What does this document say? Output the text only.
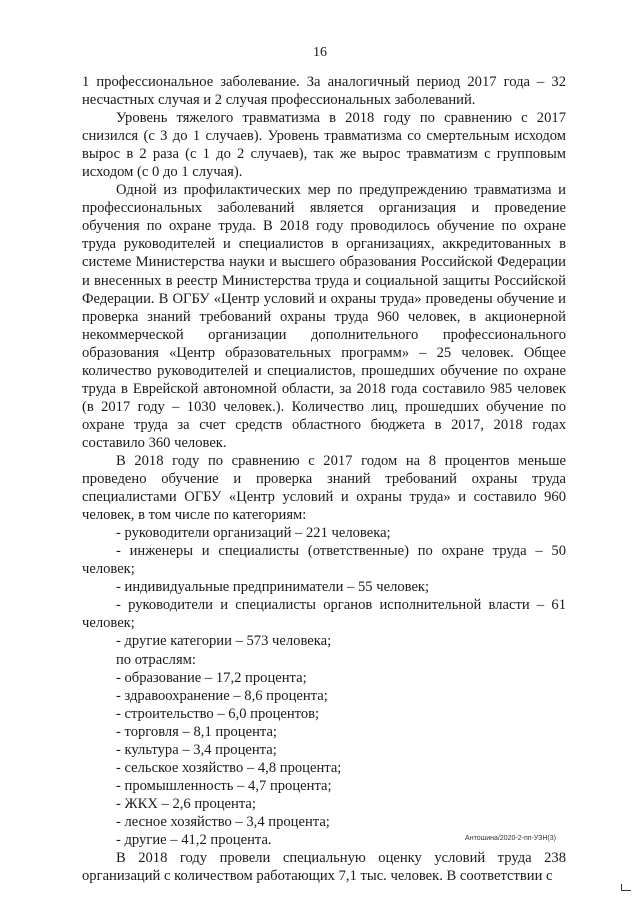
16

1 профессиональное заболевание. За аналогичный период 2017 года – 32 несчастных случая и 2 случая профессиональных заболеваний.

Уровень тяжелого травматизма в 2018 году по сравнению с 2017 снизился (с 3 до 1 случаев). Уровень травматизма со смертельным исходом вырос в 2 раза (с 1 до 2 случаев), так же вырос травматизм с групповым исходом (с 0 до 1 случая).

Одной из профилактических мер по предупреждению травматизма и профессиональных заболеваний является организация и проведение обучения по охране труда. В 2018 году проводилось обучение по охране труда руководителей и специалистов в организациях, аккредитованных в системе Министерства науки и высшего образования Российской Федерации и внесенных в реестр Министерства труда и социальной защиты Российской Федерации. В ОГБУ «Центр условий и охраны труда» проведены обучение и проверка знаний требований охраны труда 960 человек, в акционерной некоммерческой организации дополнительного профессионального образования «Центр образовательных программ» – 25 человек. Общее количество руководителей и специалистов, прошедших обучение по охране труда в Еврейской автономной области, за 2018 года составило 985 человек (в 2017 году – 1030 человек.). Количество лиц, прошедших обучение по охране труда за счет средств областного бюджета в 2017, 2018 годах составило 360 человек.

В 2018 году по сравнению с 2017 годом на 8 процентов меньше проведено обучение и проверка знаний требований охраны труда специалистами ОГБУ «Центр условий и охраны труда» и составило 960 человек, в том числе по категориям:

- руководители организаций – 221 человека;

- инженеры и специалисты (ответственные) по охране труда – 50 человек;

- индивидуальные предприниматели – 55 человек;

- руководители и специалисты органов исполнительной власти – 61 человек;

- другие категории – 573 человека;

по отраслям:

- образование – 17,2 процента;

- здравоохранение – 8,6 процента;

- строительство – 6,0 процентов;

- торговля – 8,1 процента;

- культура – 3,4 процента;

- сельское хозяйство – 4,8 процента;

- промышленность – 4,7 процента;

- ЖКХ – 2,6 процента;

- лесное хозяйство – 3,4 процента;

- другие – 41,2 процента.

В 2018 году провели специальную оценку условий труда 238 организаций с количеством работающих 7,1 тыс. человек. В соответствии с

Антошина/2020-2-пп-УЗН(3)
